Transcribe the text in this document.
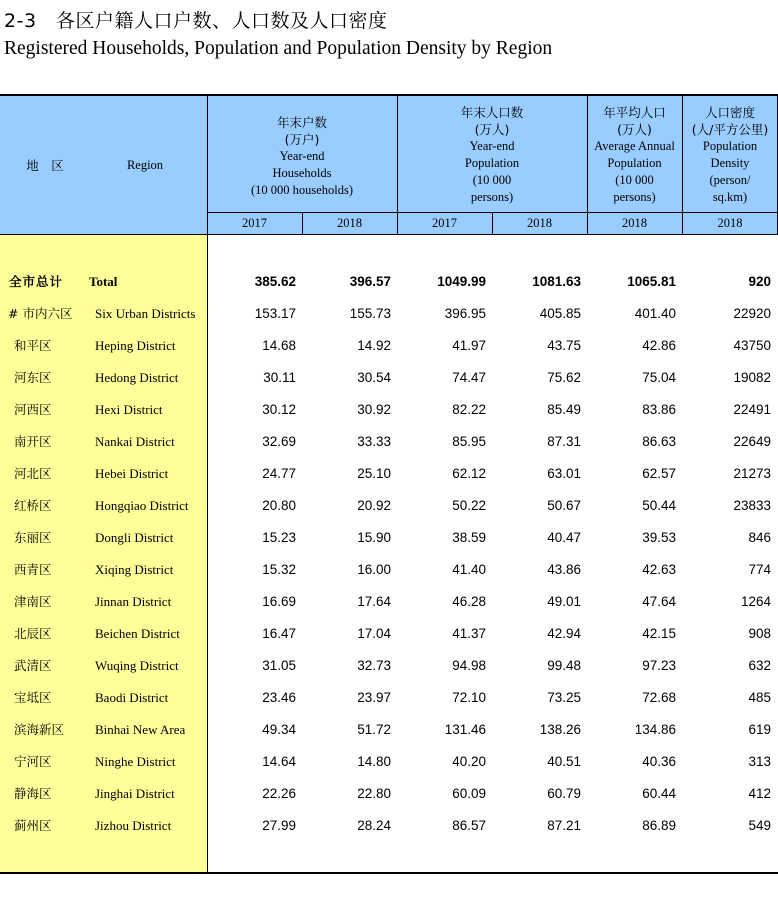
2-3　各区户籍人口户数、人口数及人口密度
Registered Households, Population and Population Density by Region
地　区	Region
年末户数
(万户)
Year-end
Households
(10 000 households)
年末人口数
(万人)
Year-end
Population
(10 000
persons)
年平均人口
(万人)
Average Annual
Population
(10 000
persons)
人口密度
(人/平方公里)
Population
Density
(person/
sq.km)
2017	2018	2017	2018	2018	2018
全市总计 Total	385.62	396.57	1049.99	1081.63	1065.81	920
# 市内六区 Six Urban Districts	153.17	155.73	396.95	405.85	401.40	22920
和平区	Heping District	14.68	14.92	41.97	43.75	42.86	43750
河东区	Hedong District	30.11	30.54	74.47	75.62	75.04	19082
河西区	Hexi District	30.12	30.92	82.22	85.49	83.86	22491
南开区	Nankai District	32.69	33.33	85.95	87.31	86.63	22649
河北区	Hebei District	24.77	25.10	62.12	63.01	62.57	21273
红桥区	Hongqiao District	20.80	20.92	50.22	50.67	50.44	23833
东丽区	Dongli District	15.23	15.90	38.59	40.47	39.53	846
西青区	Xiqing District	15.32	16.00	41.40	43.86	42.63	774
津南区	Jinnan District	16.69	17.64	46.28	49.01	47.64	1264
北辰区	Beichen District	16.47	17.04	41.37	42.94	42.15	908
武清区	Wuqing District	31.05	32.73	94.98	99.48	97.23	632
宝坻区	Baodi District	23.46	23.97	72.10	73.25	72.68	485
滨海新区 Binhai New Area	49.34	51.72	131.46	138.26	134.86	619
宁河区	Ninghe District	14.64	14.80	40.20	40.51	40.36	313
静海区	Jinghai District	22.26	22.80	60.09	60.79	60.44	412
蓟州区	Jizhou District	27.99	28.24	86.57	87.21	86.89	549
